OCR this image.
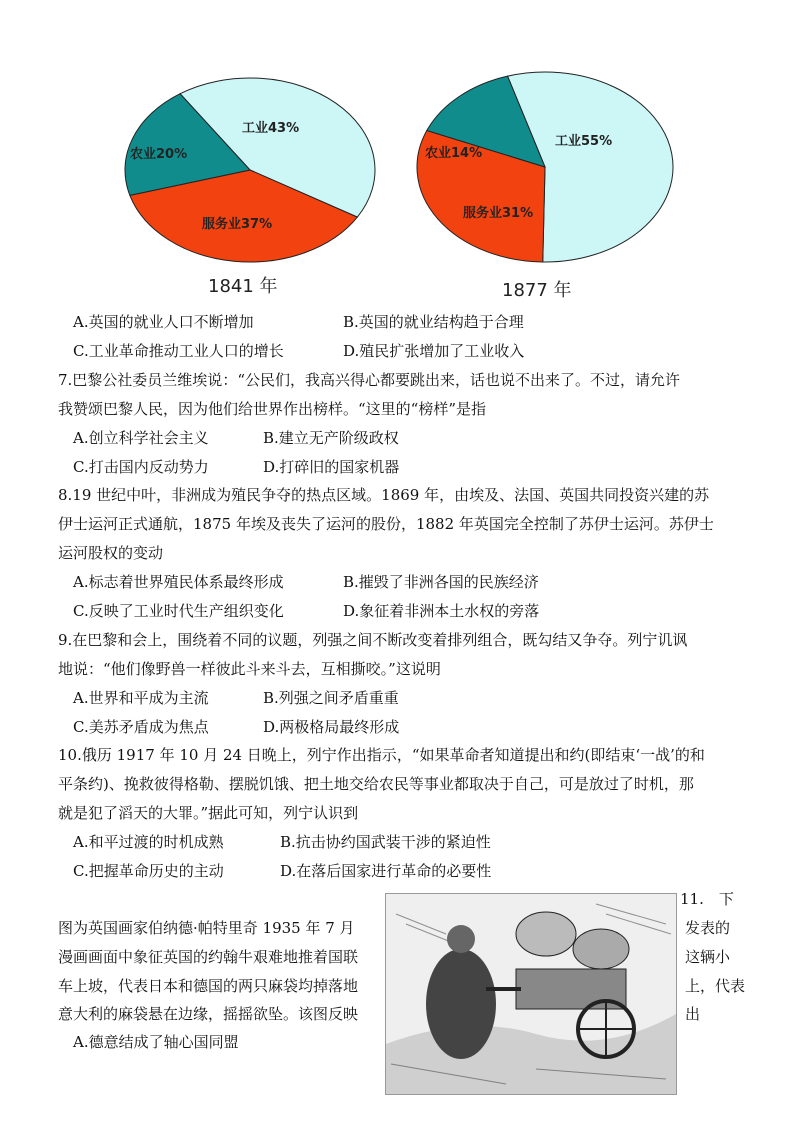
工业43%
服务业37%
农业20%
1841 年
工业55%
服务业31%
农业14%
1877 年
A.英国的就业人口不断增加	B.英国的就业结构趋于合理
C.工业革命推动工业人口的增长	D.殖民扩张增加了工业收入
7.巴黎公社委员兰维埃说：“公民们，我高兴得心都要跳出来，话也说不出来了。不过，请允许
我赞颂巴黎人民，因为他们给世界作出榜样。“这里的“榜样”是指
A.创立科学社会主义	B.建立无产阶级政权
C.打击国内反动势力	D.打碎旧的国家机器
8.19 世纪中叶，非洲成为殖民争夺的热点区域。1869 年，由埃及、法国、英国共同投资兴建的苏
伊士运河正式通航，1875 年埃及丧失了运河的股份，1882 年英国完全控制了苏伊士运河。苏伊士
运河股权的变动
A.标志着世界殖民体系最终形成	B.摧毁了非洲各国的民族经济
C.反映了工业时代生产组织变化	D.象征着非洲本土水权的旁落
9.在巴黎和会上，围绕着不同的议题，列强之间不断改变着排列组合，既勾结又争夺。列宁讥讽
地说：“他们像野兽一样彼此斗来斗去，互相撕咬。”这说明
A.世界和平成为主流	B.列强之间矛盾重重
C.美苏矛盾成为焦点	D.两极格局最终形成
10.俄历 1917 年 10 月 24 日晚上，列宁作出指示，“如果革命者知道提出和约(即结束‘一战’的和
平条约)、挽救彼得格勒、摆脱饥饿、把土地交给农民等事业都取决于自己，可是放过了时机，那
就是犯了滔天的大罪。”据此可知，列宁认识到
A.和平过渡的时机成熟	B.抗击协约国武装干涉的紧迫性
C.把握革命历史的主动	D.在落后国家进行革命的必要性
11.　下
图为英国画家伯纳德·帕特里奇 1935 年 7 月	发表的
漫画画面中象征英国的约翰牛艰难地推着国联	这辆小
车上坡，代表日本和德国的两只麻袋均掉落地	上，代表
意大利的麻袋悬在边缘，摇摇欲坠。该图反映	出
A.德意结成了轴心国同盟
